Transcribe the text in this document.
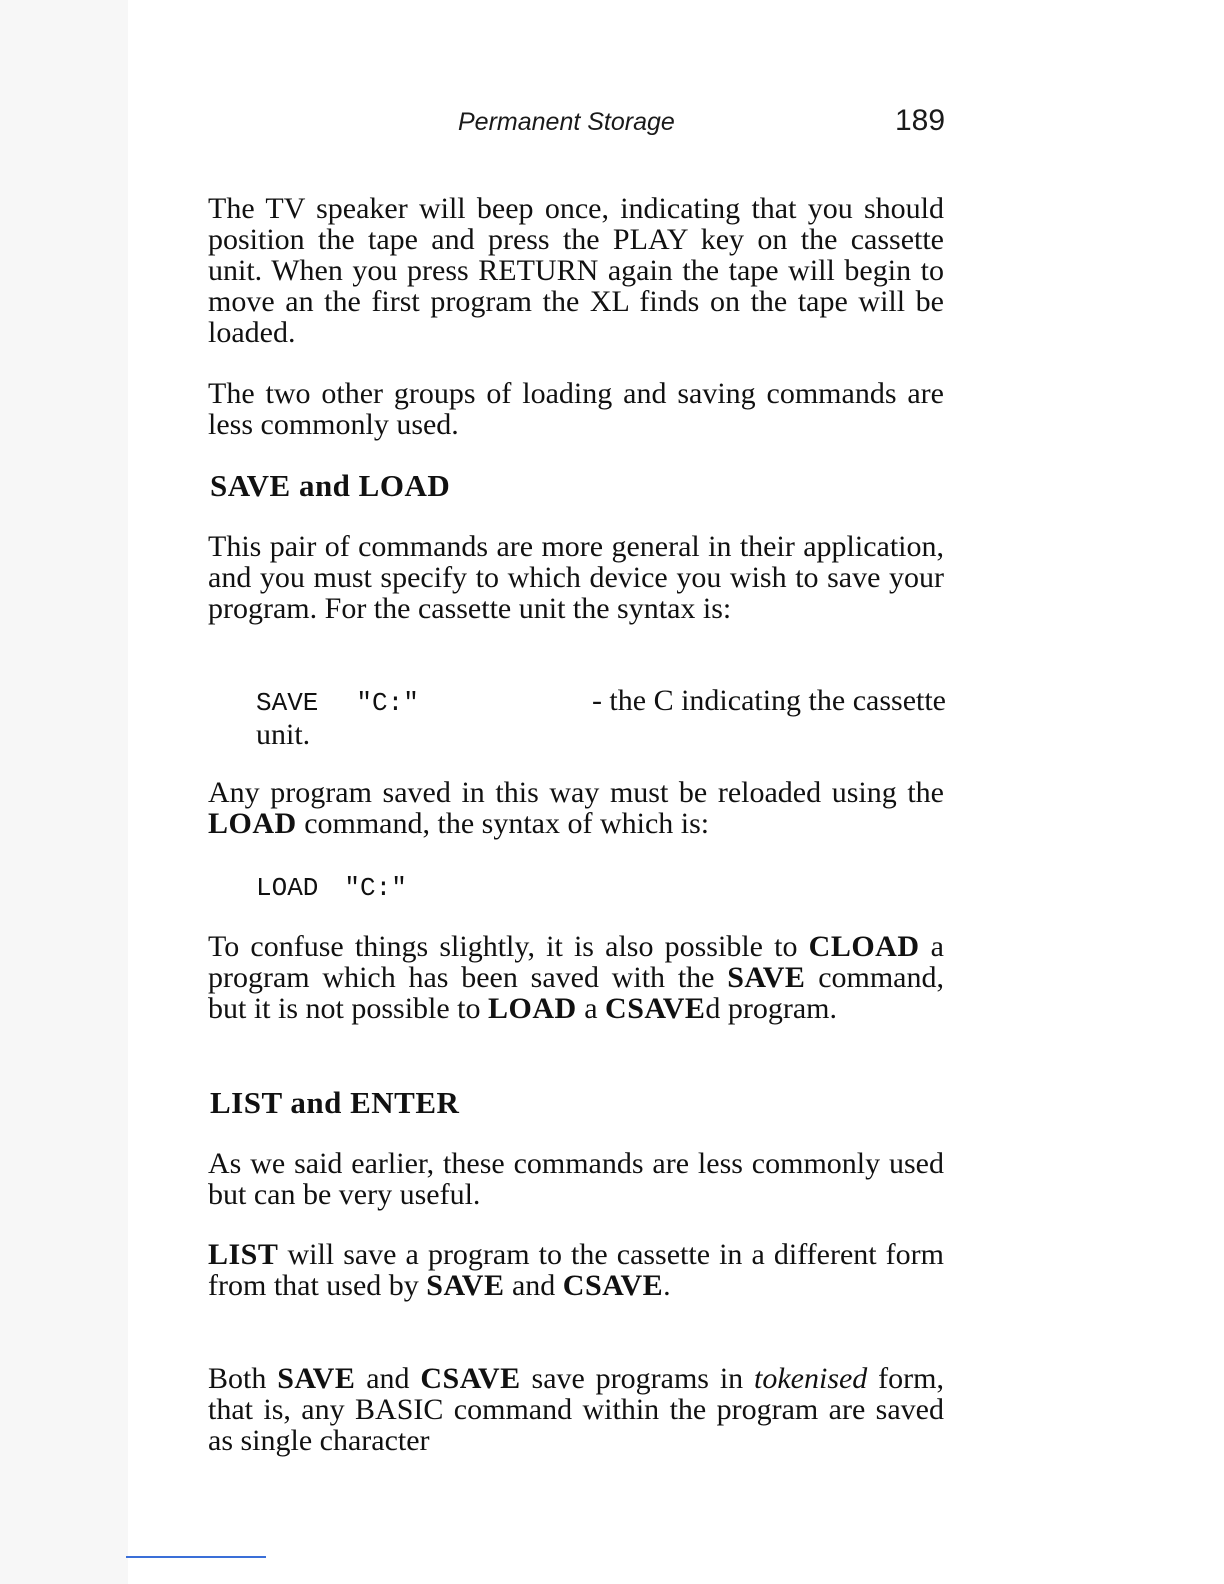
Permanent Storage	189

The TV speaker will beep once, indicating that you should position the tape and press the PLAY key on the cassette unit. When you press RETURN again the tape will begin to move an the first program the XL finds on the tape will be loaded.

The two other groups of loading and saving commands are less commonly used.

SAVE and LOAD

This pair of commands are more general in their application, and you must specify to which device you wish to save your program. For the cassette unit the syntax is:

SAVE "C:"	- the C indicating the cassette
unit.

Any program saved in this way must be reloaded using the LOAD command, the syntax of which is:

LOAD "C:"

To confuse things slightly, it is also possible to CLOAD a program which has been saved with the SAVE command, but it is not possible to LOAD a CSAVEd program.

LIST and ENTER

As we said earlier, these commands are less commonly used but can be very useful.

LIST will save a program to the cassette in a different form from that used by SAVE and CSAVE.

Both SAVE and CSAVE save programs in tokenised form, that is, any BASIC command within the program are saved as single character
